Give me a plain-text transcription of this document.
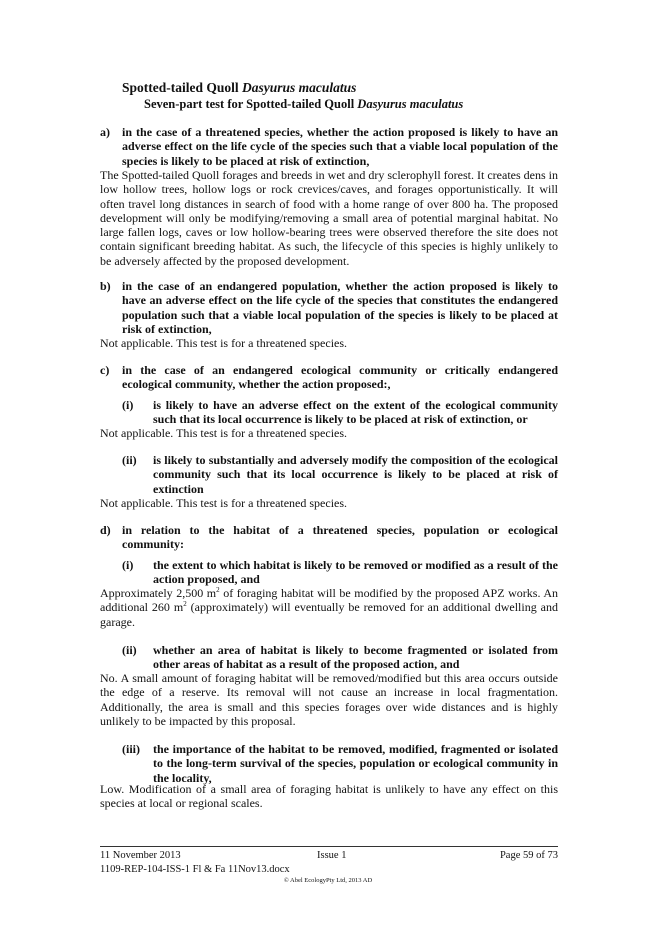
Spotted-tailed Quoll Dasyurus maculatus
Seven-part test for Spotted-tailed Quoll Dasyurus maculatus
a) in the case of a threatened species, whether the action proposed is likely to have an adverse effect on the life cycle of the species such that a viable local population of the species is likely to be placed at risk of extinction,
The Spotted-tailed Quoll forages and breeds in wet and dry sclerophyll forest. It creates dens in low hollow trees, hollow logs or rock crevices/caves, and forages opportunistically. It will often travel long distances in search of food with a home range of over 800 ha. The proposed development will only be modifying/removing a small area of potential marginal habitat. No large fallen logs, caves or low hollow-bearing trees were observed therefore the site does not contain significant breeding habitat. As such, the lifecycle of this species is highly unlikely to be adversely affected by the proposed development.
b) in the case of an endangered population, whether the action proposed is likely to have an adverse effect on the life cycle of the species that constitutes the endangered population such that a viable local population of the species is likely to be placed at risk of extinction,
Not applicable. This test is for a threatened species.
c) in the case of an endangered ecological community or critically endangered ecological community, whether the action proposed:,
(i) is likely to have an adverse effect on the extent of the ecological community such that its local occurrence is likely to be placed at risk of extinction, or
Not applicable. This test is for a threatened species.
(ii) is likely to substantially and adversely modify the composition of the ecological community such that its local occurrence is likely to be placed at risk of extinction
Not applicable. This test is for a threatened species.
d) in relation to the habitat of a threatened species, population or ecological community:
(i) the extent to which habitat is likely to be removed or modified as a result of the action proposed, and
Approximately 2,500 $m^2$ of foraging habitat will be modified by the proposed APZ works. An additional 260 $m^2$ (approximately) will eventually be removed for an additional dwelling and garage.
(ii) whether an area of habitat is likely to become fragmented or isolated from other areas of habitat as a result of the proposed action, and
No. A small amount of foraging habitat will be removed/modified but this area occurs outside the edge of a reserve. Its removal will not cause an increase in local fragmentation. Additionally, the area is small and this species forages over wide distances and is highly unlikely to be impacted by this proposal.
(iii) the importance of the habitat to be removed, modified, fragmented or isolated to the long-term survival of the species, population or ecological community in the locality,
Low. Modification of a small area of foraging habitat is unlikely to have any effect on this species at local or regional scales.
11 November 2013	Issue 1	Page 59 of 73
1109-REP-104-ISS-1 Fl & Fa 11Nov13.docx
© Abel EcologyPty Ltd, 2013 AD
